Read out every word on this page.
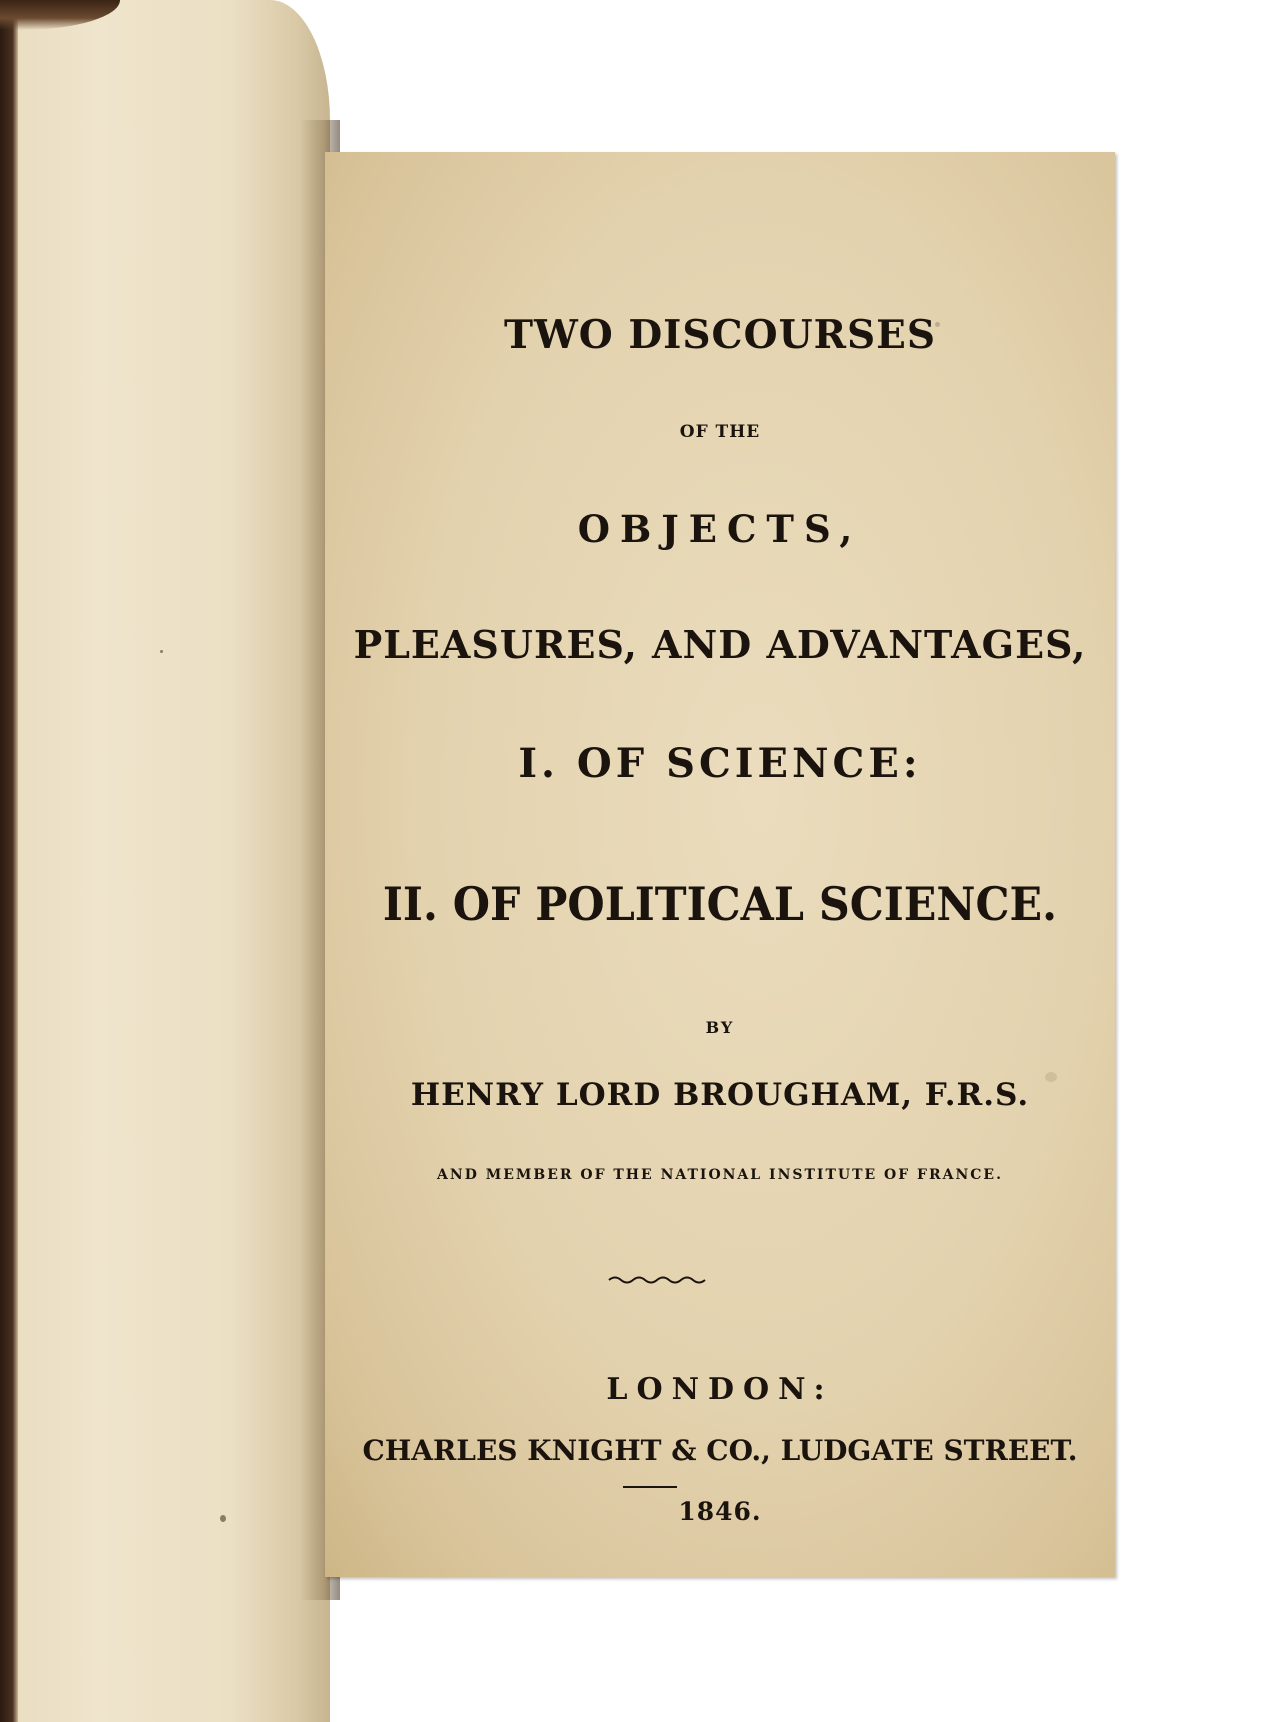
TWO DISCOURSES
OF THE
OBJECTS,
PLEASURES, AND ADVANTAGES,
I. OF SCIENCE:
II. OF POLITICAL SCIENCE.
BY
HENRY LORD BROUGHAM, F.R.S.
AND MEMBER OF THE NATIONAL INSTITUTE OF FRANCE.
LONDON:
CHARLES KNIGHT & CO., LUDGATE STREET.
1846.
